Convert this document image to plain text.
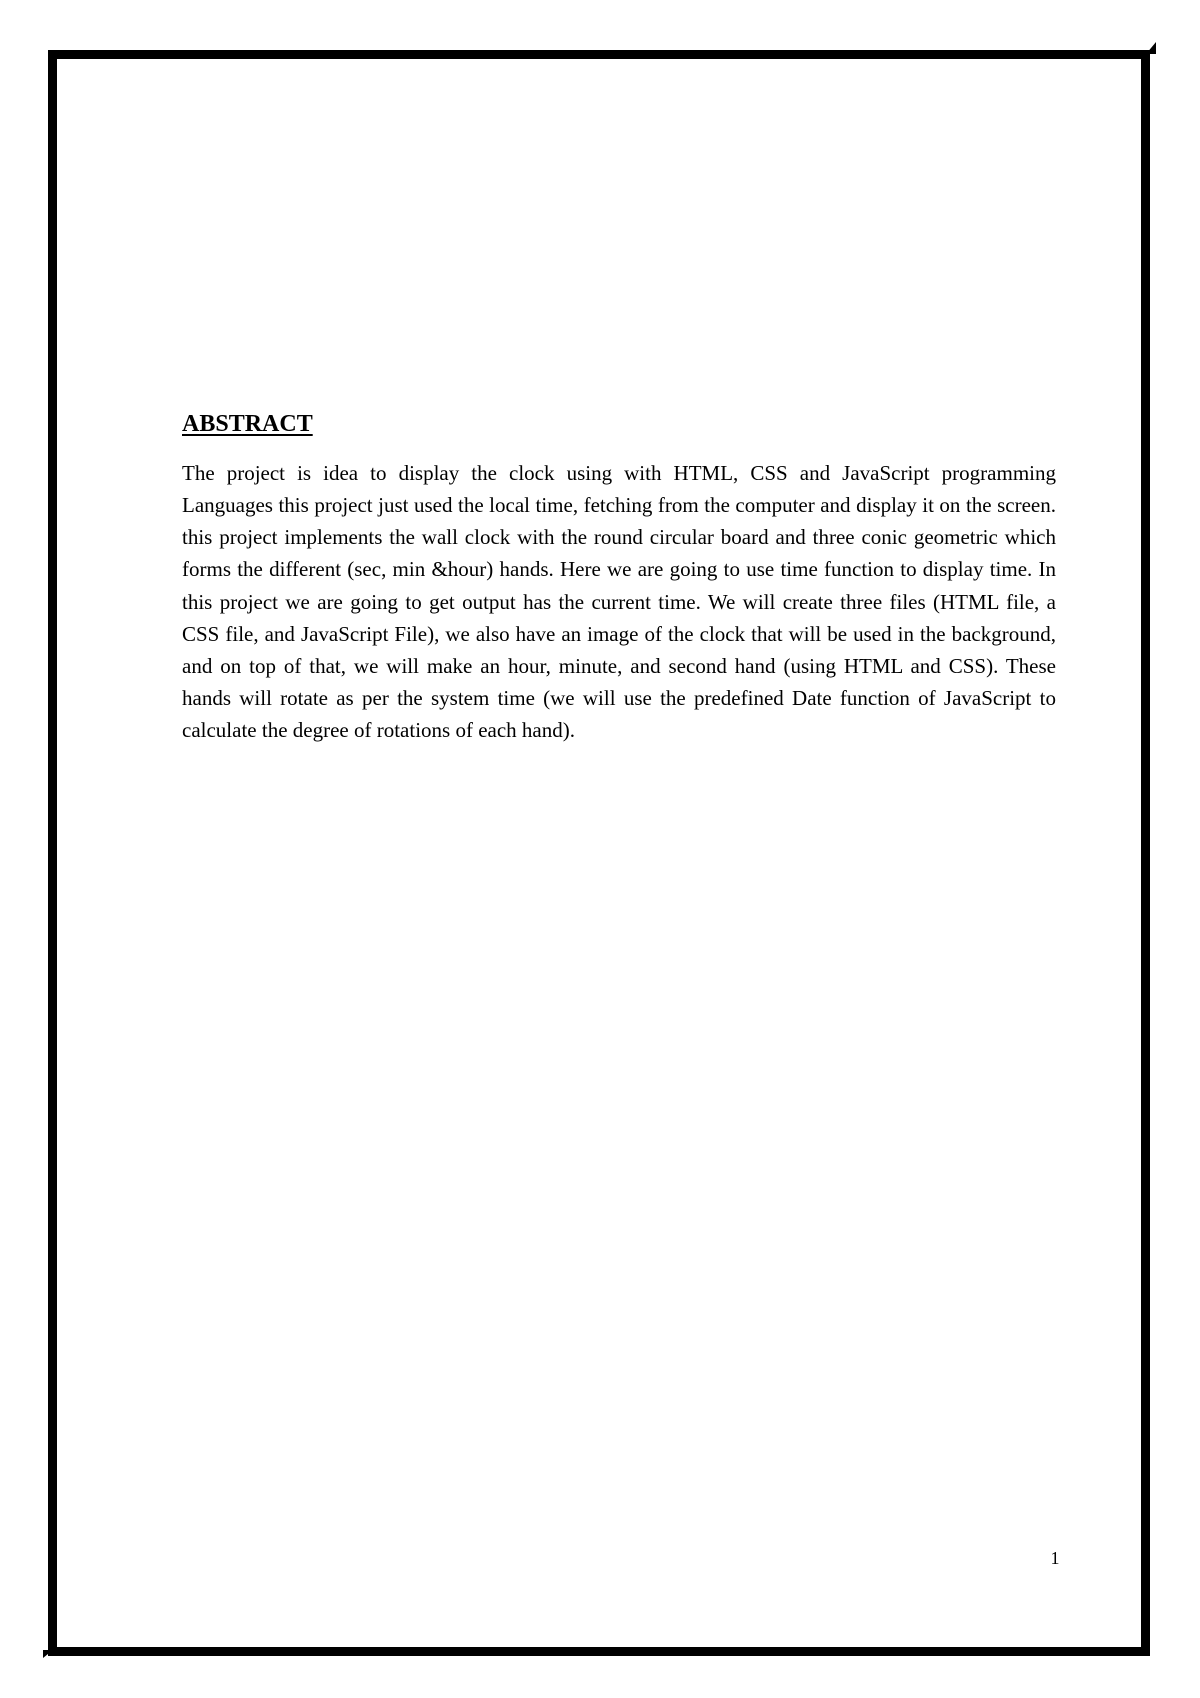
ABSTRACT

The project is idea to display the clock using with HTML, CSS and JavaScript programming Languages this project just used the local time, fetching from the computer and display it on the screen. this project implements the wall clock with the round circular board and three conic geometric which forms the different (sec, min &hour) hands. Here we are going to use time function to display time. In this project we are going to get output has the current time. We will create three files (HTML file, a CSS file, and JavaScript File), we also have an image of the clock that will be used in the background, and on top of that, we will make an hour, minute, and second hand (using HTML and CSS). These hands will rotate as per the system time (we will use the predefined Date function of JavaScript to calculate the degree of rotations of each hand).

1
